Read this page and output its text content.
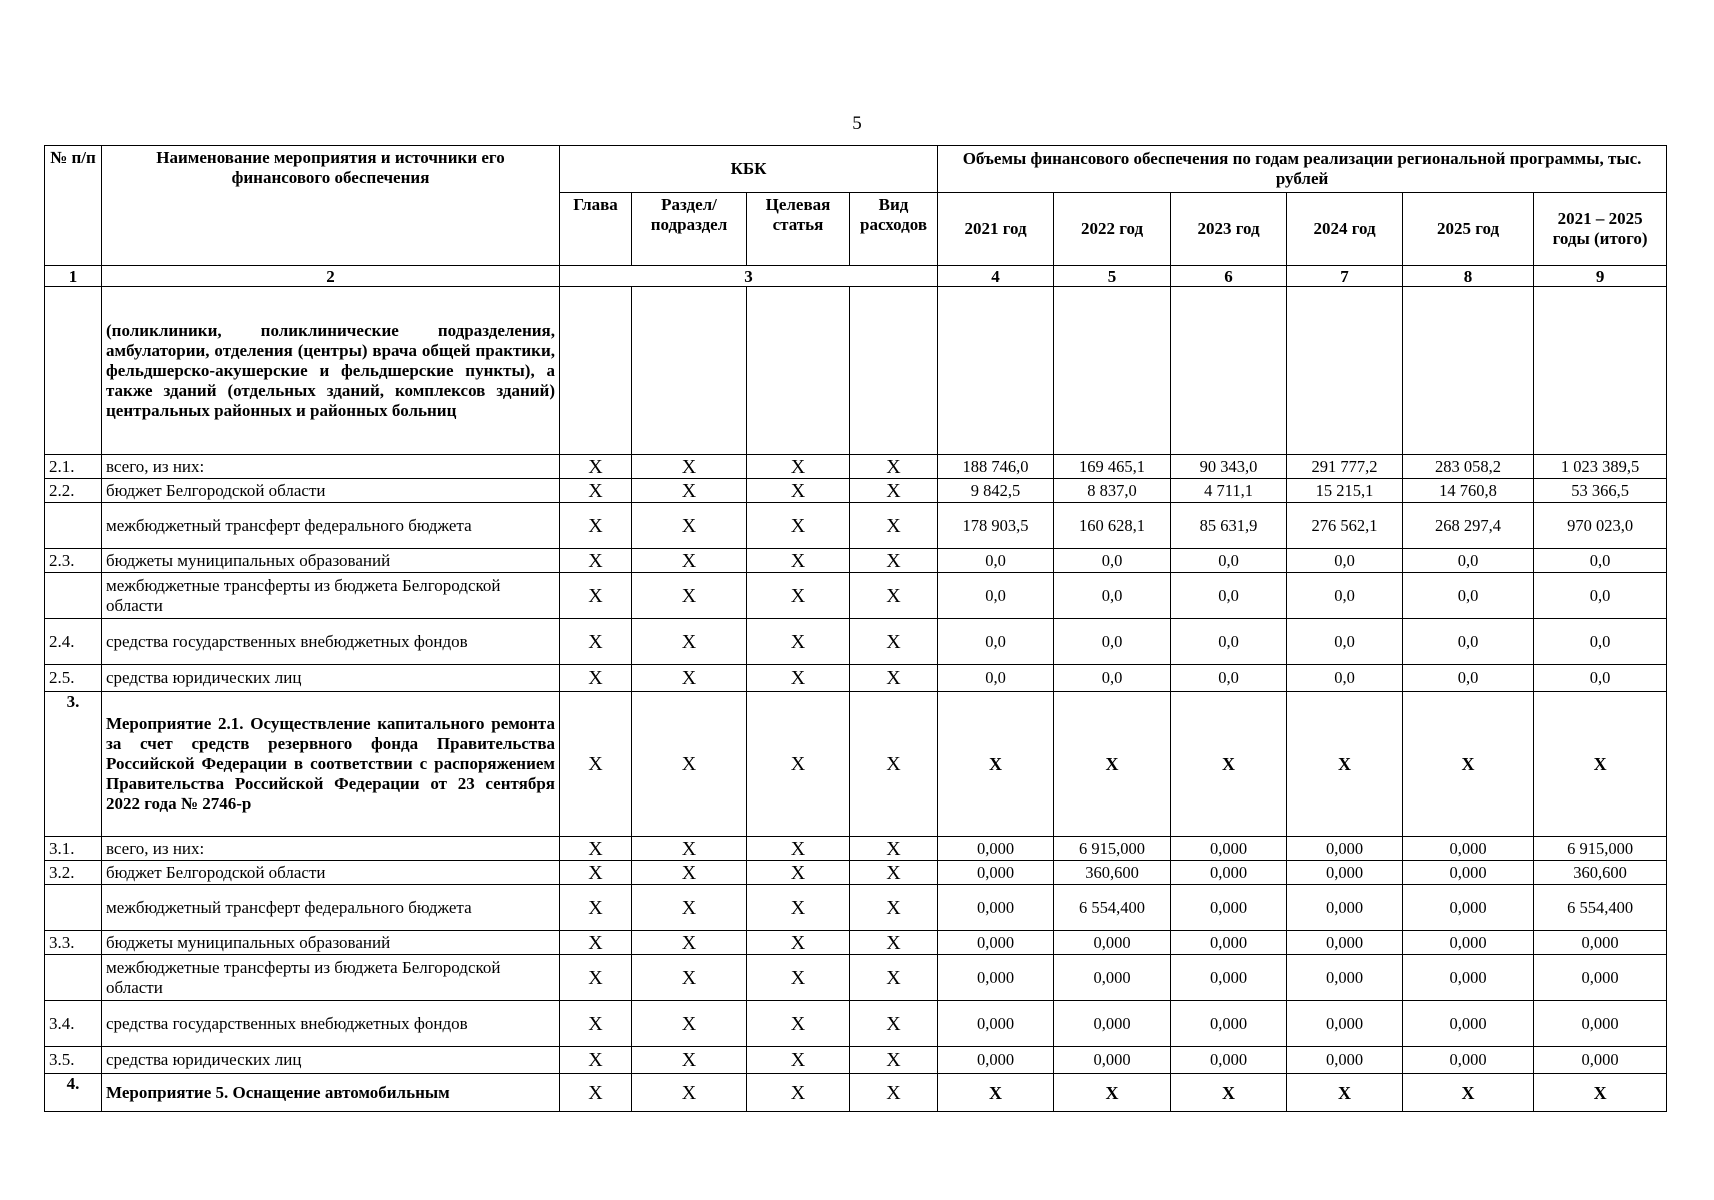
5
№ п/п	Наименование мероприятия и источники его финансового обеспечения	КБК				Объемы финансового обеспечения по годам реализации региональной программы, тыс. рублей					
		Глава	Раздел/ подраздел	Целевая статья	Вид расходов	2021 год	2022 год	2023 год	2024 год	2025 год	2021 – 2025 годы (итого)
1	2	3				4	5	6	7	8	9
	(поликлиники, поликлинические подразделения, амбулатории, отделения (центры) врача общей практики, фельдшерско-акушерские и фельдшерские пункты), а также зданий (отдельных зданий, комплексов зданий) центральных районных и районных больниц										
2.1.	всего, из них:	X	X	X	X	188 746,0	169 465,1	90 343,0	291 777,2	283 058,2	1 023 389,5
2.2.	бюджет Белгородской области	X	X	X	X	9 842,5	8 837,0	4 711,1	15 215,1	14 760,8	53 366,5
	межбюджетный трансферт федерального бюджета	X	X	X	X	178 903,5	160 628,1	85 631,9	276 562,1	268 297,4	970 023,0
2.3.	бюджеты муниципальных образований	X	X	X	X	0,0	0,0	0,0	0,0	0,0	0,0
	межбюджетные трансферты из бюджета Белгородской области	X	X	X	X	0,0	0,0	0,0	0,0	0,0	0,0
2.4.	средства государственных внебюджетных фондов	X	X	X	X	0,0	0,0	0,0	0,0	0,0	0,0
2.5.	средства юридических лиц	X	X	X	X	0,0	0,0	0,0	0,0	0,0	0,0
3.	Мероприятие 2.1. Осуществление капитального ремонта за счет средств резервного фонда Правительства Российской Федерации в соответствии с распоряжением Правительства Российской Федерации от 23 сентября 2022 года № 2746-р	X	X	X	X	X	X	X	X	X	X
3.1.	всего, из них:	X	X	X	X	0,000	6 915,000	0,000	0,000	0,000	6 915,000
3.2.	бюджет Белгородской области	X	X	X	X	0,000	360,600	0,000	0,000	0,000	360,600
	межбюджетный трансферт федерального бюджета	X	X	X	X	0,000	6 554,400	0,000	0,000	0,000	6 554,400
3.3.	бюджеты муниципальных образований	X	X	X	X	0,000	0,000	0,000	0,000	0,000	0,000
	межбюджетные трансферты из бюджета Белгородской области	X	X	X	X	0,000	0,000	0,000	0,000	0,000	0,000
3.4.	средства государственных внебюджетных фондов	X	X	X	X	0,000	0,000	0,000	0,000	0,000	0,000
3.5.	средства юридических лиц	X	X	X	X	0,000	0,000	0,000	0,000	0,000	0,000
4.	Мероприятие 5. Оснащение автомобильным	X	X	X	X	X	X	X	X	X	X
